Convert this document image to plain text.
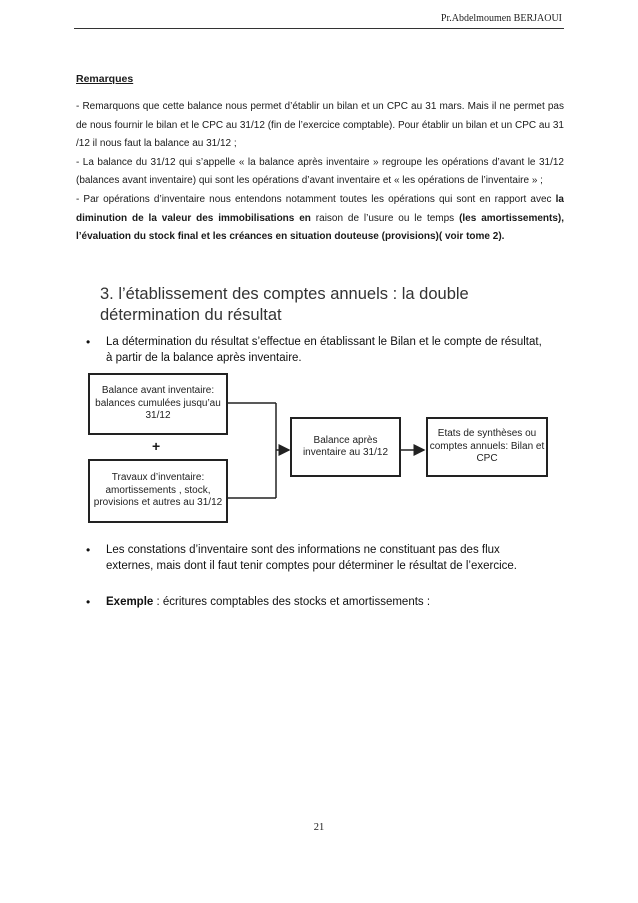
Pr.Abdelmoumen BERJAOUI
Remarques

- Remarquons que cette balance nous permet d’établir un bilan et un CPC au 31 mars. Mais il ne permet pas de nous fournir le bilan et le CPC au 31/12 (fin de l’exercice comptable). Pour établir un bilan et un CPC au 31 /12 il nous faut la balance au 31/12 ;

- La balance du 31/12 qui s’appelle « la balance après inventaire » regroupe les opérations d’avant le 31/12 (balances avant inventaire) qui sont les opérations d’avant inventaire et « les opérations de l’inventaire » ;

- Par opérations d’inventaire nous entendons notamment toutes les opérations qui sont en rapport avec la diminution de la valeur des immobilisations en raison de l’usure ou le temps (les amortissements), l’évaluation du stock final et les créances en situation douteuse (provisions)( voir tome 2).

3. l’établissement des comptes annuels : la double détermination du résultat
• La détermination du résultat s’effectue en établissant le Bilan et le compte de résultat, à partir de la balance après inventaire.
Balance avant inventaire: balances cumulées jusqu’au 31/12
+
Travaux d’inventaire: amortissements , stock, provisions et autres au 31/12
Balance après inventaire au 31/12
Etats de synthèses ou comptes annuels: Bilan et CPC
• Les constations d’inventaire sont des informations ne constituant pas des flux externes, mais dont il faut tenir comptes pour déterminer le résultat de l’exercice.
• Exemple : écritures comptables des stocks et amortissements :
21
